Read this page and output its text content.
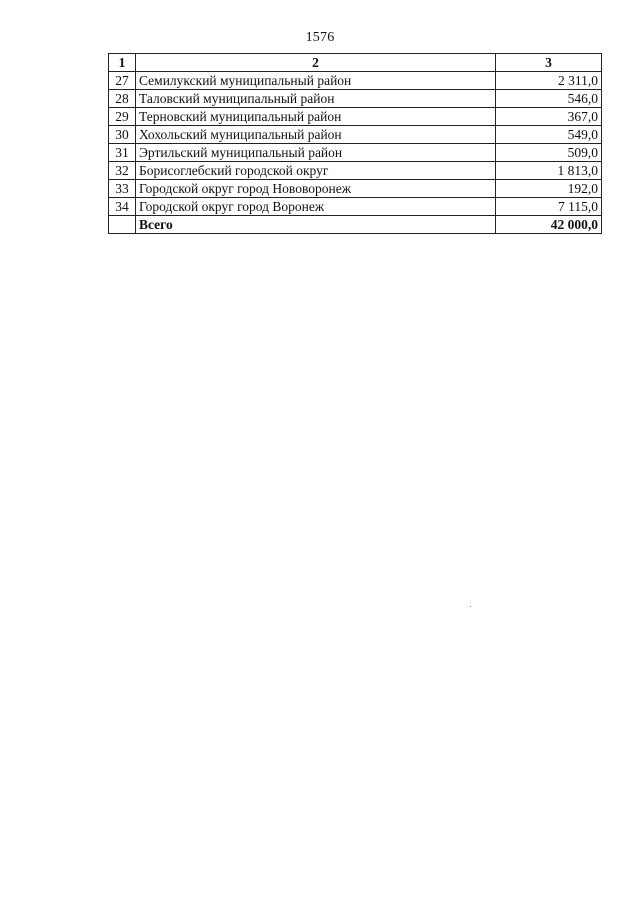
1576
1	2	3
27	Семилукский муниципальный район	2 311,0
28	Таловский муниципальный район	546,0
29	Терновский муниципальный район	367,0
30	Хохольский муниципальный район	549,0
31	Эртильский муниципальный район	509,0
32	Борисоглебский городской округ	1 813,0
33	Городской округ город Нововоронеж	192,0
34	Городской округ город Воронеж	7 115,0
	Всего	42 000,0
